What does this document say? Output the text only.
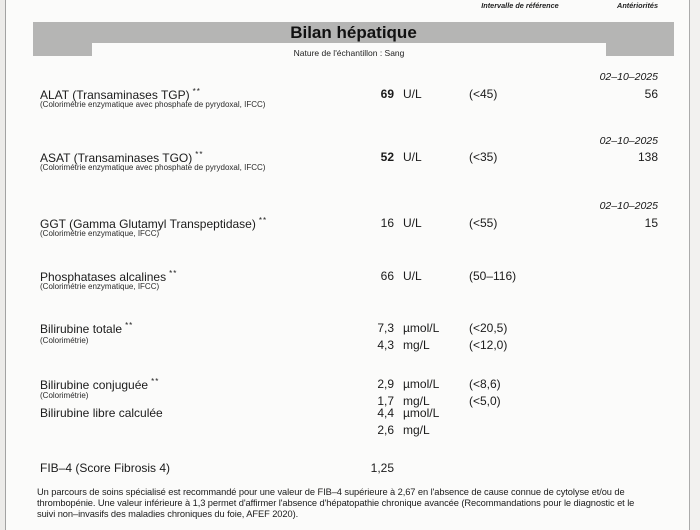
Intervalle de référence	Antériorités
Bilan hépatique
Nature de l'échantillon : Sang
02–10–2025
ALAT (Transaminases TGP) **	69 U/L	(<45)	56
(Colorimétrie enzymatique avec phosphate de pyrydoxal, IFCC)
02–10–2025
ASAT (Transaminases TGO) **	52 U/L	(<35)	138
(Colorimétrie enzymatique avec phosphate de pyrydoxal, IFCC)
02–10–2025
GGT (Gamma Glutamyl Transpeptidase) **	16 U/L	(<55)	15
(Colorimétrie enzymatique, IFCC)
Phosphatases alcalines **	66 U/L	(50–116)
(Colorimétrie enzymatique, IFCC)
Bilirubine totale **	7,3 µmol/L (<20,5)
(Colorimétrie)	4,3 mg/L	(<12,0)
Bilirubine conjuguée **	2,9 µmol/L (<8,6)
(Colorimétrie)	1,7 mg/L	(<5,0)
Bilirubine libre calculée	4,4 µmol/L
2,6 mg/L
FIB–4 (Score Fibrosis 4)	1,25
Un parcours de soins spécialisé est recommandé pour une valeur de FIB–4 supérieure à 2,67 en l'absence de cause connue de cytolyse et/ou de
thrombopénie. Une valeur inférieure à 1,3 permet d'affirmer l'absence d'hépatopathie chronique avancée (Recommandations pour le diagnostic et le
suivi non–invasifs des maladies chroniques du foie, AFEF 2020).
